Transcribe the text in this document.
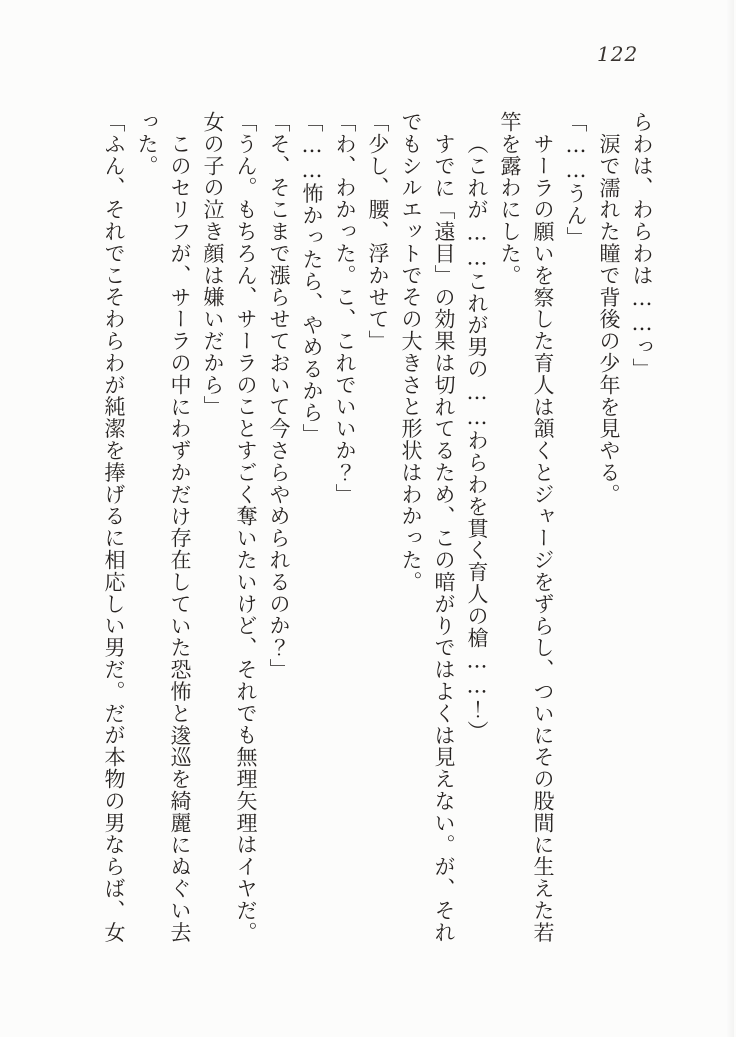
122

らわは、わらわは……っ」

涙で濡れた瞳で背後の少年を見やる。

「……うん」

サーラの願いを察した育人は頷くとジャージをずらし、ついにその股間に生えた若

竿を露わにした。

（これが……これが男の……わらわを貫く育人の槍……！）

すでに「遠目」の効果は切れてるため、この暗がりではよくは見えない。が、それ

でもシルエットでその大きさと形状はわかった。

「少し、腰、浮かせて」

「わ、わかった。こ、これでいいか？」

「……怖かったら、やめるから」

「そ、そこまで漲らせておいて今さらやめられるのか？」

「うん。もちろん、サーラのことすごく奪いたいけど、それでも無理矢理はイヤだ。

女の子の泣き顔は嫌いだから」

このセリフが、サーラの中にわずかだけ存在していた恐怖と逡巡を綺麗にぬぐい去

った。

「ふん、それでこそわらわが純潔を捧げるに相応しい男だ。だが本物の男ならば、女
